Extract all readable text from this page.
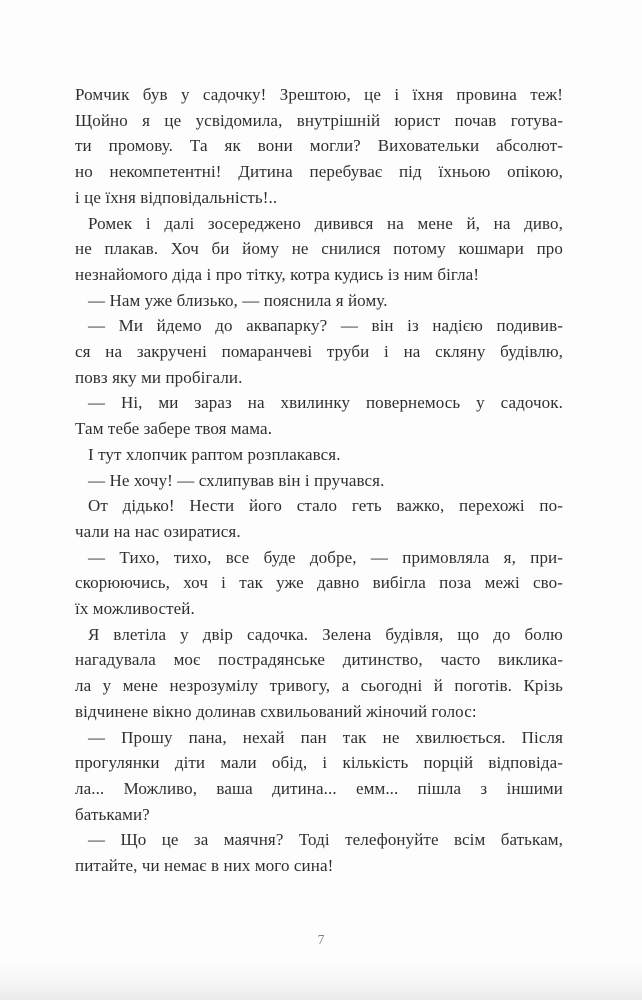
Ромчик був у садочку! Зрештою, це і їхня провина теж!
Щойно я це усвідомила, внутрішній юрист почав готува-
ти промову. Та як вони могли? Виховательки абсолют-
но некомпетентні! Дитина перебуває під їхньою опікою,
і це їхня відповідальність!..
Ромек і далі зосереджено дивився на мене й, на диво,
не плакав. Хоч би йому не снилися потому кошмари про
незнайомого діда і про тітку, котра кудись із ним бігла!
— Нам уже близько, — пояснила я йому.
— Ми йдемо до аквапарку? — він із надією подивив-
ся на закручені помаранчеві труби і на скляну будівлю,
повз яку ми пробігали.
— Ні, ми зараз на хвилинку повернемось у садочок.
Там тебе забере твоя мама.
І тут хлопчик раптом розплакався.
— Не хочу! — схлипував він і пручався.
От дідько! Нести його стало геть важко, перехожі по-
чали на нас озиратися.
— Тихо, тихо, все буде добре, — примовляла я, при-
скорюючись, хоч і так уже давно вибігла поза межі сво-
їх можливостей.
Я влетіла у двір садочка. Зелена будівля, що до болю
нагадувала моє пострадянське дитинство, часто виклика-
ла у мене незрозумілу тривогу, а сьогодні й поготів. Крізь
відчинене вікно долинав схвильований жіночий голос:
— Прошу пана, нехай пан так не хвилюється. Після
прогулянки діти мали обід, і кількість порцій відповіда-
ла... Можливо, ваша дитина... емм... пішла з іншими
батьками?
— Що це за маячня? Тоді телефонуйте всім батькам,
питайте, чи немає в них мого сина!
7
